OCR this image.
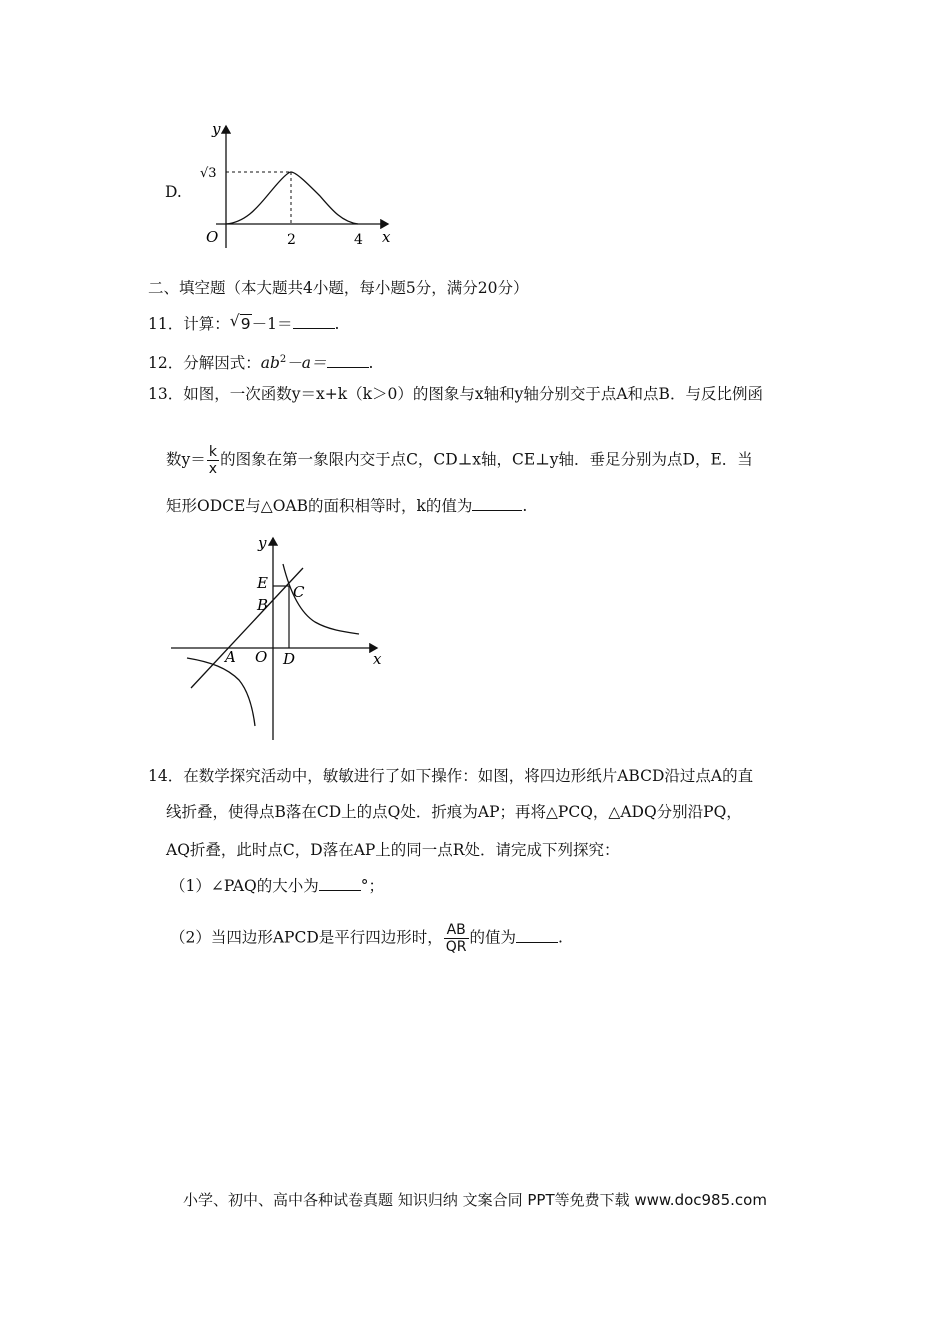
D.
y
x
O	2	4
√3
二、填空题（本大题共4小题，每小题5分，满分20分）
11．计算： √ 9－1＝	.
12．分解因式：$ab^2-a=$	.
13．如图，一次函数y＝x+k（k＞0）的图象与x轴和y轴分别交于点A和点B．与反比例函
数$y= \frac{k}{x}$ 的图象在第一象限内交于点C，CD⊥x轴，CE⊥y轴．垂足分别为点D，E．当
矩形ODCE与△OAB的面积相等时，k的值为	.
y
x
E
B
C
A O D
14．在数学探究活动中，敏敏进行了如下操作：如图，将四边形纸片ABCD沿过点A的直
线折叠，使得点B落在CD上的点Q处．折痕为AP；再将△PCQ，△ADQ分别沿PQ，
AQ折叠，此时点C，D落在AP上的同一点R处．请完成下列探究：
（1）∠PAQ的大小为	°；
（2）当四边形APCD是平行四边形时， $\frac{AB}{QR}$ 的值为	.
小学、初中、高中各种试卷真题 知识归纳 文案合同 PPT等免费下载 www.doc985.com
